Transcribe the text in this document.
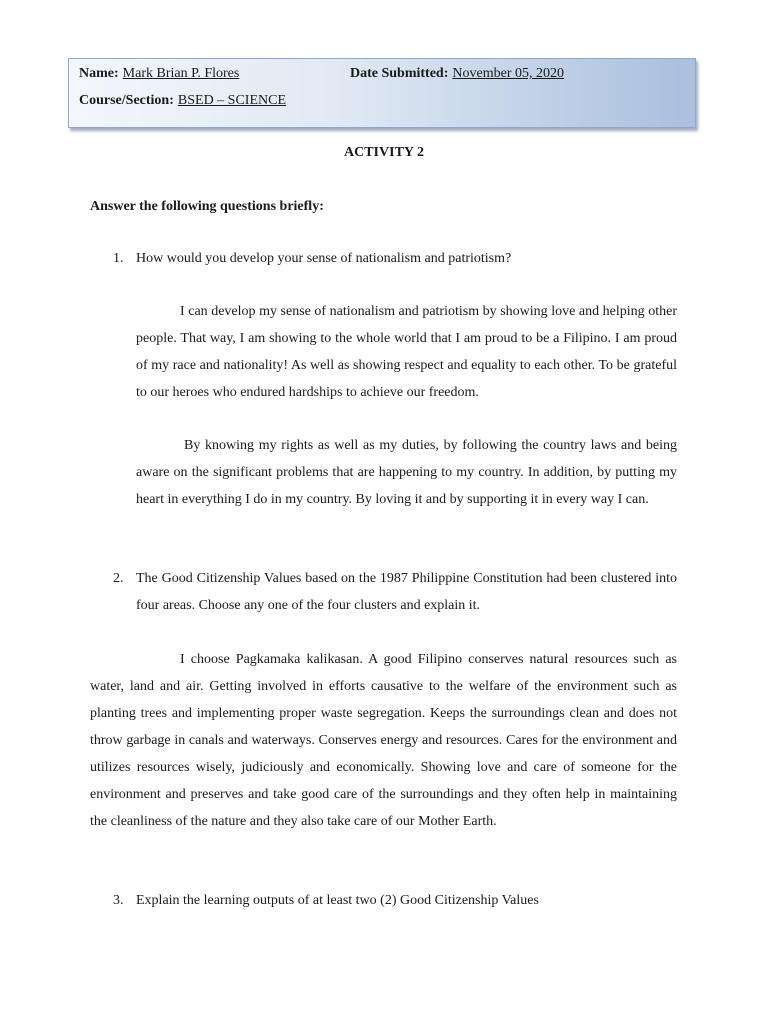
Name: Mark Brian P. Flores	Date Submitted: November 05, 2020
Course/Section: BSED – SCIENCE
ACTIVITY 2
Answer the following questions briefly:
1. How would you develop your sense of nationalism and patriotism?

I can develop my sense of nationalism and patriotism by showing love and helping other people. That way, I am showing to the whole world that I am proud to be a Filipino. I am proud of my race and nationality! As well as showing respect and equality to each other. To be grateful to our heroes who endured hardships to achieve our freedom.

By knowing my rights as well as my duties, by following the country laws and being aware on the significant problems that are happening to my country. In addition, by putting my heart in everything I do in my country. By loving it and by supporting it in every way I can.

2. The Good Citizenship Values based on the 1987 Philippine Constitution had been clustered into four areas. Choose any one of the four clusters and explain it.

I choose Pagkamaka kalikasan. A good Filipino conserves natural resources such as water, land and air. Getting involved in efforts causative to the welfare of the environment such as planting trees and implementing proper waste segregation. Keeps the surroundings clean and does not throw garbage in canals and waterways. Conserves energy and resources. Cares for the environment and utilizes resources wisely, judiciously and economically. Showing love and care of someone for the environment and preserves and take good care of the surroundings and they often help in maintaining the cleanliness of the nature and they also take care of our Mother Earth.

3. Explain the learning outputs of at least two (2) Good Citizenship Values
